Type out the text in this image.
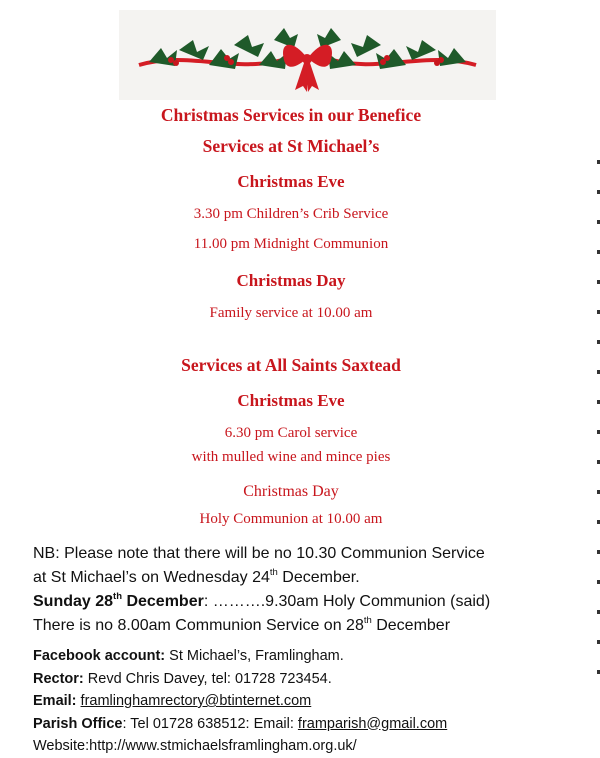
Christmas Services in our Benefice
Services at St Michael’s
Christmas Eve
3.30 pm Children’s Crib Service
11.00 pm Midnight Communion
Christmas Day
Family service at 10.00 am
Services at All Saints Saxtead
Christmas Eve
6.30 pm Carol service
with mulled wine and mince pies
Christmas Day
Holy Communion at 10.00 am
NB: Please note that there will be no 10.30 Communion Service
at St Michael’s on Wednesday 24th December.
Sunday 28th December: ……….9.30am Holy Communion (said)
There is no 8.00am Communion Service on 28th December
Facebook account: St Michael’s, Framlingham.
Rector: Revd Chris Davey, tel: 01728 723454.
Email: framlinghamrectory@btinternet.com
Parish Office: Tel 01728 638512: Email: framparish@gmail.com
Website:http://www.stmichaelsframlingham.org.uk/
